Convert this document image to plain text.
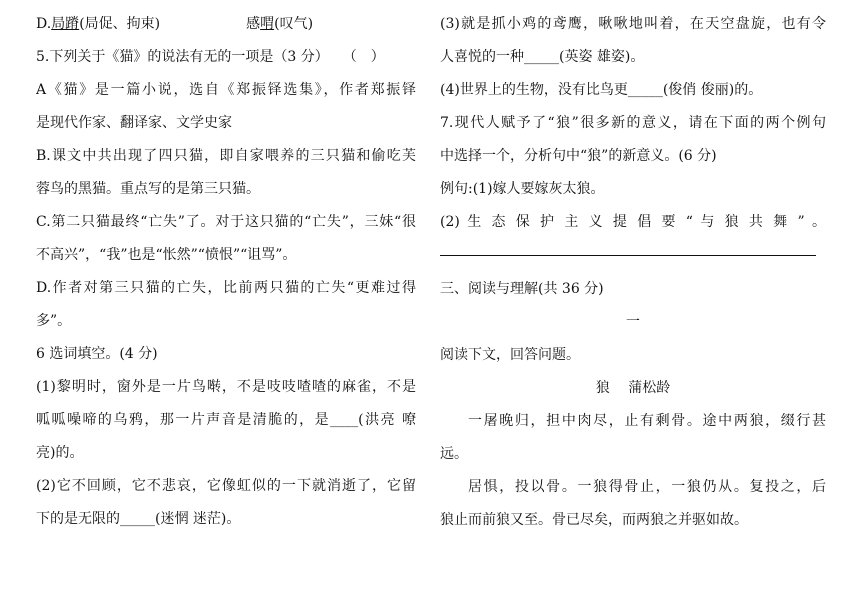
D.局蹐(局促、拘束)	感喟(叹气)
5.下列关于《猫》的说法有无的一项是（3 分）　　（　）
A《猫》是一篇小说，选自《郑振铎选集》，作者郑振铎
是现代作家、翻译家、文学史家
B.课文中共出现了四只猫，即自家喂养的三只猫和偷吃芙
蓉鸟的黑猫。重点写的是第三只猫。
C.第二只猫最终“亡失”了。对于这只猫的“亡失”，三妹“很
不高兴”，“我”也是“怅然”“愤恨”“诅骂”。
D.作者对第三只猫的亡失，比前两只猫的亡失“更难过得
多”。
6 选词填空。(4 分)
(1)黎明时，窗外是一片鸟啭，不是吱吱喳喳的麻雀，不是
呱呱噪啼的乌鸦，那一片声音是清脆的，是____(洪亮 嘹
亮)的。
(2)它不回顾，它不悲哀，它像虹似的一下就消逝了，它留
下的是无限的_____(迷惘 迷茫)。
(3)就是抓小鸡的鸢鹰，啾啾地叫着，在天空盘旋，也有令
人喜悦的一种_____(英姿 雄姿)。
(4)世界上的生物，没有比鸟更_____(俊俏 俊丽)的。
7.现代人赋予了“狼”很多新的意义，请在下面的两个例句
中选择一个，分析句中“狼”的新意义。(6 分)
例句:(1)嫁人要嫁灰太狼。
(2) 生 态 保 护 主 义 提 倡 要 “ 与 狼 共 舞 ” 。
三、阅读与理解(共 36 分)
一
阅读下文，回答问题。
狼　 蒲松龄
一屠晚归，担中肉尽，止有剩骨。途中两狼，缀行甚
远。
居惧，投以骨。一狼得骨止，一狼仍从。复投之，后
狼止而前狼又至。骨已尽矣，而两狼之并驱如故。
